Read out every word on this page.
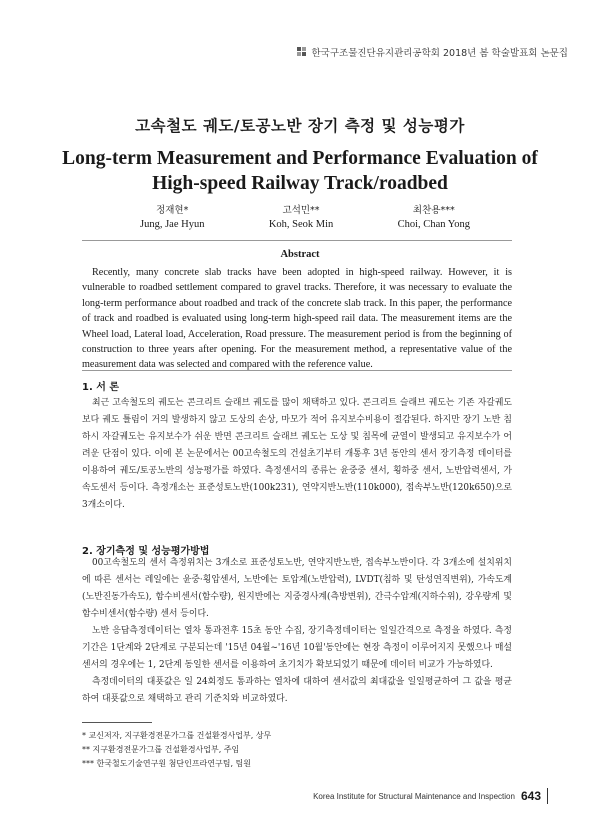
한국구조물진단유지관리공학회 2018년 봄 학술발표회 논문집
고속철도 궤도/토공노반 장기 측정 및 성능평가
Long-term Measurement and Performance Evaluation of
High-speed Railway Track/roadbed
정재현*
Jung, Jae Hyun
고석민**
Koh, Seok Min
최찬용***
Choi, Chan Yong
Abstract
Recently, many concrete slab tracks have been adopted in high-speed railway. However, it is vulnerable to roadbed settlement compared to gravel tracks. Therefore, it was necessary to evaluate the long-term performance about roadbed and track of the concrete slab track. In this paper, the performance of track and roadbed is evaluated using long-term high-speed rail data. The measurement items are the Wheel load, Lateral load, Acceleration, Road pressure. The measurement period is from the beginning of construction to three years after opening. For the measurement method, a representative value of the measurement data was selected and compared with the reference value.
1. 서 론
최근 고속철도의 궤도는 콘크리트 슬래브 궤도를 많이 채택하고 있다. 콘크리트 슬래브 궤도는 기존 자갈궤도보다 궤도 틀림이 거의 발생하지 않고 도상의 손상, 마모가 적어 유지보수비용이 절감된다. 하지만 장기 노반 침하시 자갈궤도는 유지보수가 쉬운 반면 콘크리트 슬래브 궤도는 도상 및 침목에 균열이 발생되고 유지보수가 어려운 단점이 있다. 이에 본 논문에서는 00고속철도의 건설초기부터 개통후 3년 동안의 센서 장기측정 데이터를 이용하여 궤도/토공노반의 성능평가를 하였다. 측정센서의 종류는 윤중중 센서, 횡하중 센서, 노반압력센서, 가속도센서 등이다. 측정개소는 표준성토노반(100k231), 연약지반노반(110k000), 접속부노반(120k650)으로 3개소이다.
2. 장기측정 및 성능평가방법
00고속철도의 센서 측정위치는 3개소로 표준성토노반, 연약지반노반, 접속부노반이다. 각 3개소에 설치위치에 따른 센서는 레일에는 윤중·횡압센서, 노반에는 토압계(노반압력), LVDT(침하 및 탄성연직변위), 가속도계(노반진동가속도), 함수비센서(함수량), 원지반에는 지중경사계(측방변위), 간극수압계(지하수위), 강우량계 및 함수비센서(함수량) 센서 등이다.
노반 응답측정데이터는 열차 통과전후 15초 동안 수집, 장기측정데이터는 일일간격으로 측정을 하였다. 측정기간은 1단계와 2단계로 구분되는데 '15년 04월~'16년 10월'동안에는 현장 측정이 이루어지지 못했으나 매설센서의 경우에는 1, 2단계 동일한 센서를 이용하여 초기치가 확보되었기 때문에 데이터 비교가 가능하였다.
측정데이터의 대푯값은 일 24회정도 통과하는 열차에 대하여 센서값의 최대값을 일일평균하여 그 값을 평균하여 대푯값으로 채택하고 관리 기준치와 비교하였다.
* 교신저자, 지구환경전문가그룹 건설환경사업부, 상무
** 지구환경전문가그룹 건설환경사업부, 주임
*** 한국철도기술연구원 첨단인프라연구팀, 팀원
Korea Institute for Structural Maintenance and Inspection 643
